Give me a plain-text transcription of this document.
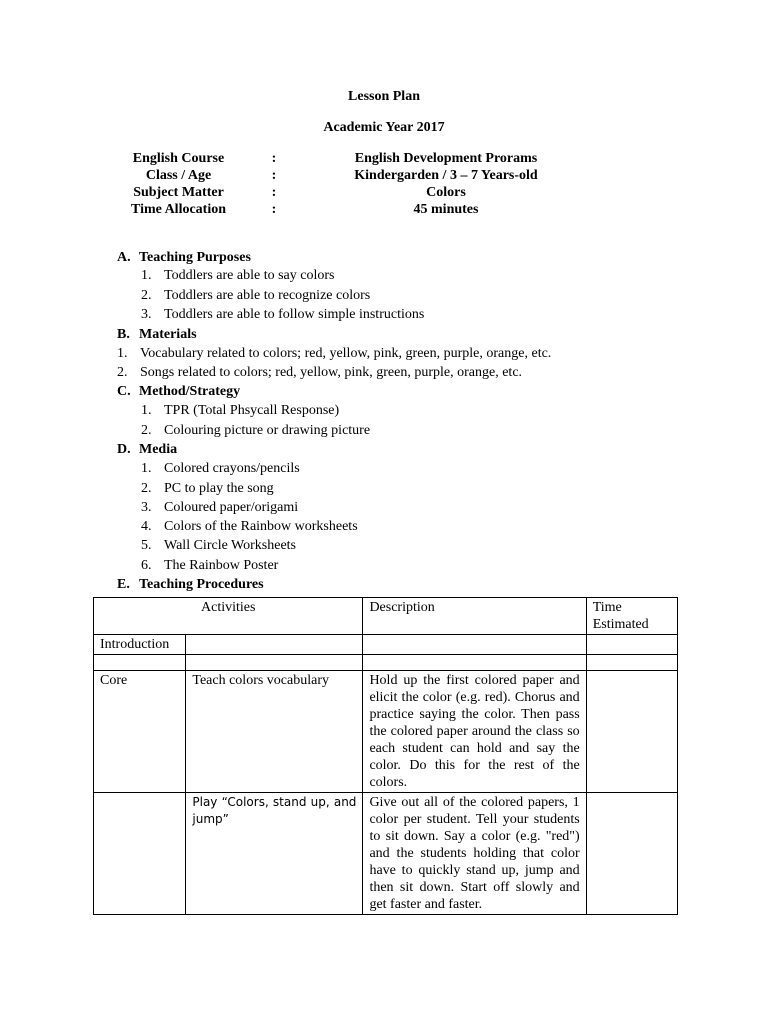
Lesson Plan
Academic Year 2017
English Course	:	English Development Prorams
Class / Age	:	Kindergarden / 3 – 7 Years-old
Subject Matter	:	Colors
Time Allocation	:	45 minutes
A. Teaching Purposes
1. Toddlers are able to say colors
2. Toddlers are able to recognize colors
3. Toddlers are able to follow simple instructions
B. Materials
1. Vocabulary related to colors; red, yellow, pink, green, purple, orange, etc.
2. Songs related to colors; red, yellow, pink, green, purple, orange, etc.
C. Method/Strategy
1. TPR (Total Phsycall Response)
2. Colouring picture or drawing picture
D. Media
1. Colored crayons/pencils
2. PC to play the song
3. Coloured paper/origami
4. Colors of the Rainbow worksheets
5. Wall Circle Worksheets
6. The Rainbow Poster
E. Teaching Procedures
Activities		Description	Time Estimated
Introduction			

Core	Teach colors vocabulary	Hold up the first colored paper and elicit the color (e.g. red). Chorus and practice saying the color. Then pass the colored paper around the class so each student can hold and say the color. Do this for the rest of the colors.	
	Play “Colors, stand up, and jump”	Give out all of the colored papers, 1 color per student. Tell your students to sit down. Say a color (e.g. "red") and the students holding that color have to quickly stand up, jump and then sit down. Start off slowly and get faster and faster.	
